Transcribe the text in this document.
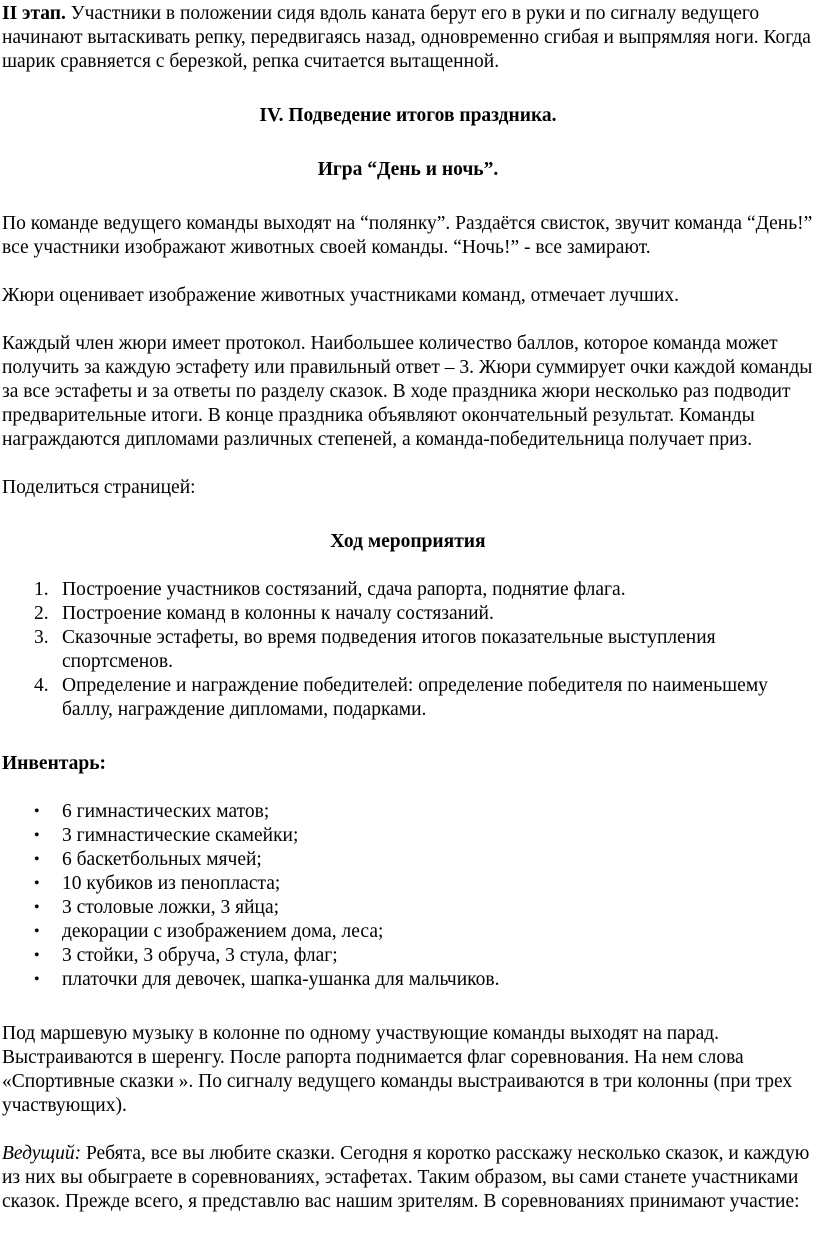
II этап. Участники в положении сидя вдоль каната берут его в руки и по сигналу ведущего начинают вытаскивать репку, передвигаясь назад, одновременно сгибая и выпрямляя ноги. Когда шарик сравняется с березкой, репка считается вытащенной.

IV. Подведение итогов праздника.

Игра “День и ночь”.

По команде ведущего команды выходят на “полянку”. Раздаётся свисток, звучит команда “День!” все участники изображают животных своей команды. “Ночь!” - все замирают.

Жюри оценивает изображение животных участниками команд, отмечает лучших.

Каждый член жюри имеет протокол. Наибольшее количество баллов, которое команда может получить за каждую эстафету или правильный ответ – 3. Жюри суммирует очки каждой команды за все эстафеты и за ответы по разделу сказок. В ходе праздника жюри несколько раз подводит предварительные итоги. В конце праздника объявляют окончательный результат. Команды награждаются дипломами различных степеней, а команда-победительница получает приз.

Поделиться страницей:

Ход мероприятия

1. Построение участников состязаний, сдача рапорта, поднятие флага.
2. Построение команд в колонны к началу состязаний.
3. Сказочные эстафеты, во время подведения итогов показательные выступления спортсменов.
4. Определение и награждение победителей: определение победителя по наименьшему баллу, награждение дипломами, подарками.

Инвентарь:

• 6 гимнастических матов;
• 3 гимнастические скамейки;
• 6 баскетбольных мячей;
• 10 кубиков из пенопласта;
• 3 столовые ложки, 3 яйца;
• декорации с изображением дома, леса;
• 3 стойки, 3 обруча, 3 стула, флаг;
• платочки для девочек, шапка-ушанка для мальчиков.

Под маршевую музыку в колонне по одному участвующие команды выходят на парад. Выстраиваются в шеренгу. После рапорта поднимается флаг соревнования. На нем слова «Спортивные сказки ». По сигналу ведущего команды выстраиваются в три колонны (при трех участвующих).

Ведущий: Ребята, все вы любите сказки. Сегодня я коротко расскажу несколько сказок, и каждую из них вы обыграете в соревнованиях, эстафетах. Таким образом, вы сами станете участниками сказок. Прежде всего, я представлю вас нашим зрителям. В соревнованиях принимают участие:
